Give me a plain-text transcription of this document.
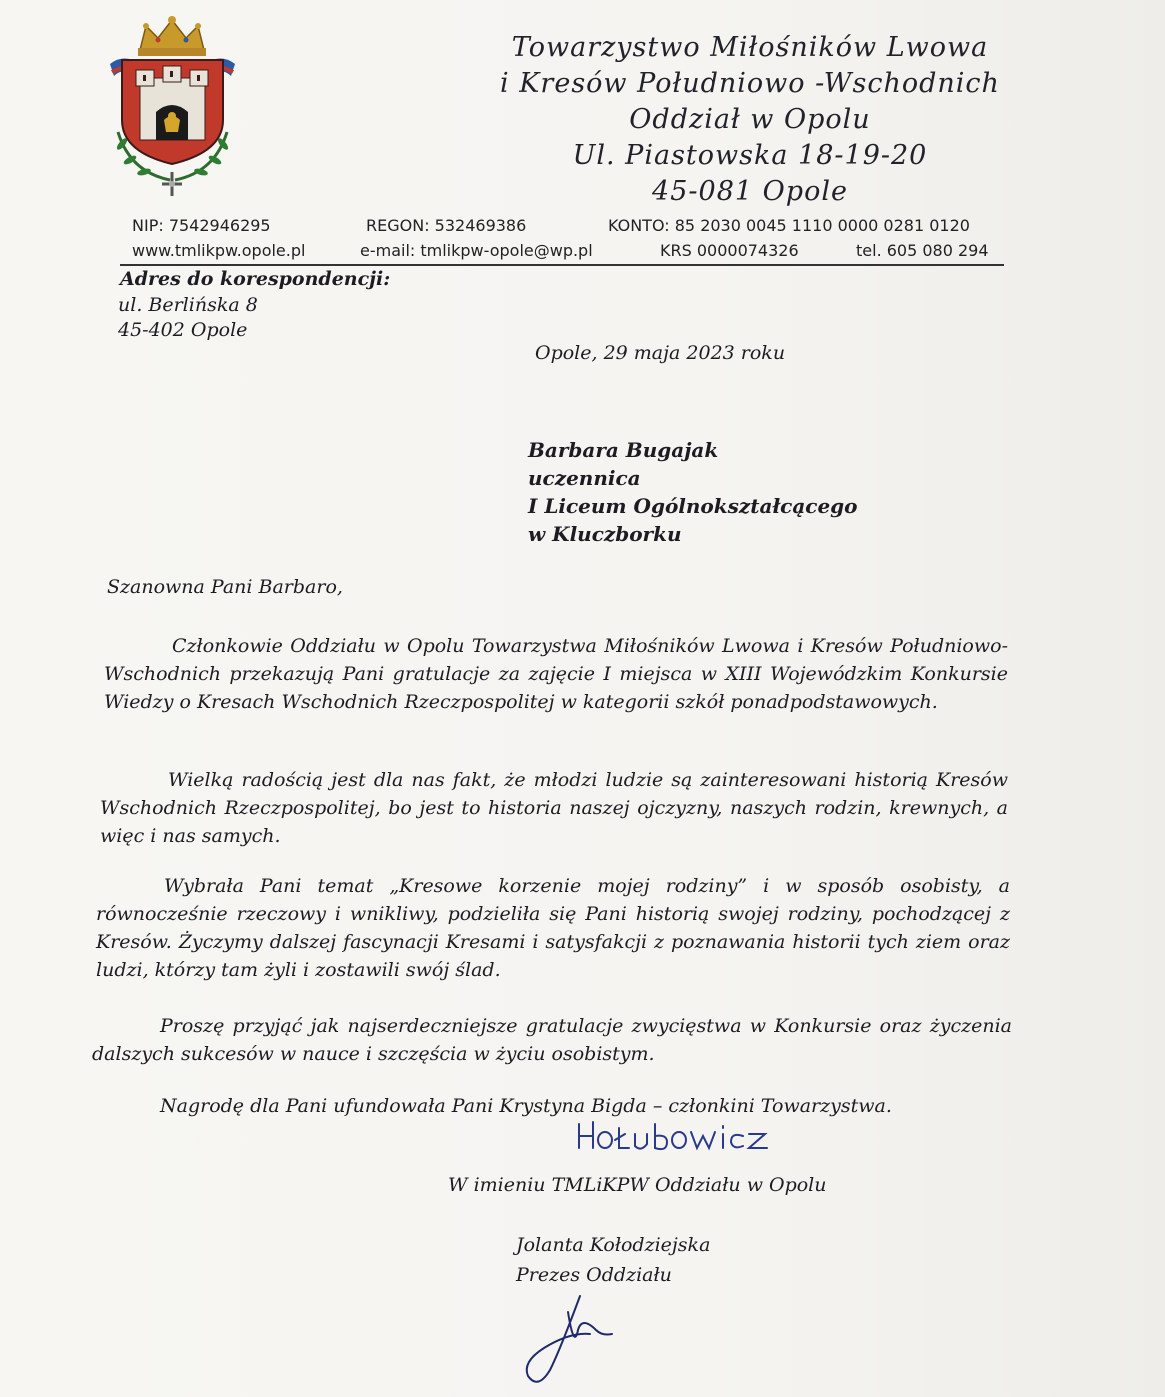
Towarzystwo Miłośników Lwowa
i Kresów Południowo -Wschodnich
Oddział w Opolu
Ul. Piastowska 18-19-20
45-081 Opole
NIP: 7542946295	REGON: 532469386	KONTO: 85 2030 0045 1110 0000 0281 0120
www.tmlikpw.opole.pl	e-mail: tmlikpw-opole@wp.pl	KRS 0000074326	tel. 605 080 294
Adres do korespondencji:
ul. Berlińska 8
45-402 Opole
Opole, 29 maja 2023 roku
Barbara Bugajak
uczennica
I Liceum Ogólnokształcącego
w Kluczborku
Szanowna Pani Barbaro,

Członkowie Oddziału w Opolu Towarzystwa Miłośników Lwowa i Kresów Południowo-Wschodnich przekazują Pani gratulacje za zajęcie I miejsca w XIII Wojewódzkim Konkursie Wiedzy o Kresach Wschodnich Rzeczpospolitej w kategorii szkół ponadpodstawowych.

Wielką radością jest dla nas fakt, że młodzi ludzie są zainteresowani historią Kresów Wschodnich Rzeczpospolitej, bo jest to historia naszej ojczyzny, naszych rodzin, krewnych, a więc i nas samych.

Wybrała Pani temat „Kresowe korzenie mojej rodziny” i w sposób osobisty, a równocześnie rzeczowy i wnikliwy, podzieliła się Pani historią swojej rodziny, pochodzącej z Kresów. Życzymy dalszej fascynacji Kresami i satysfakcji z poznawania historii tych ziem oraz ludzi, którzy tam żyli i zostawili swój ślad.

Proszę przyjąć jak najserdeczniejsze gratulacje zwycięstwa w Konkursie oraz życzenia dalszych sukcesów w nauce i szczęścia w życiu osobistym.

Nagrodę dla Pani ufundowała Pani Krystyna Bigda – członkini Towarzystwa.

W imieniu TMLiKPW Oddziału w Opolu
Jolanta Kołodziejska
Prezes Oddziału
